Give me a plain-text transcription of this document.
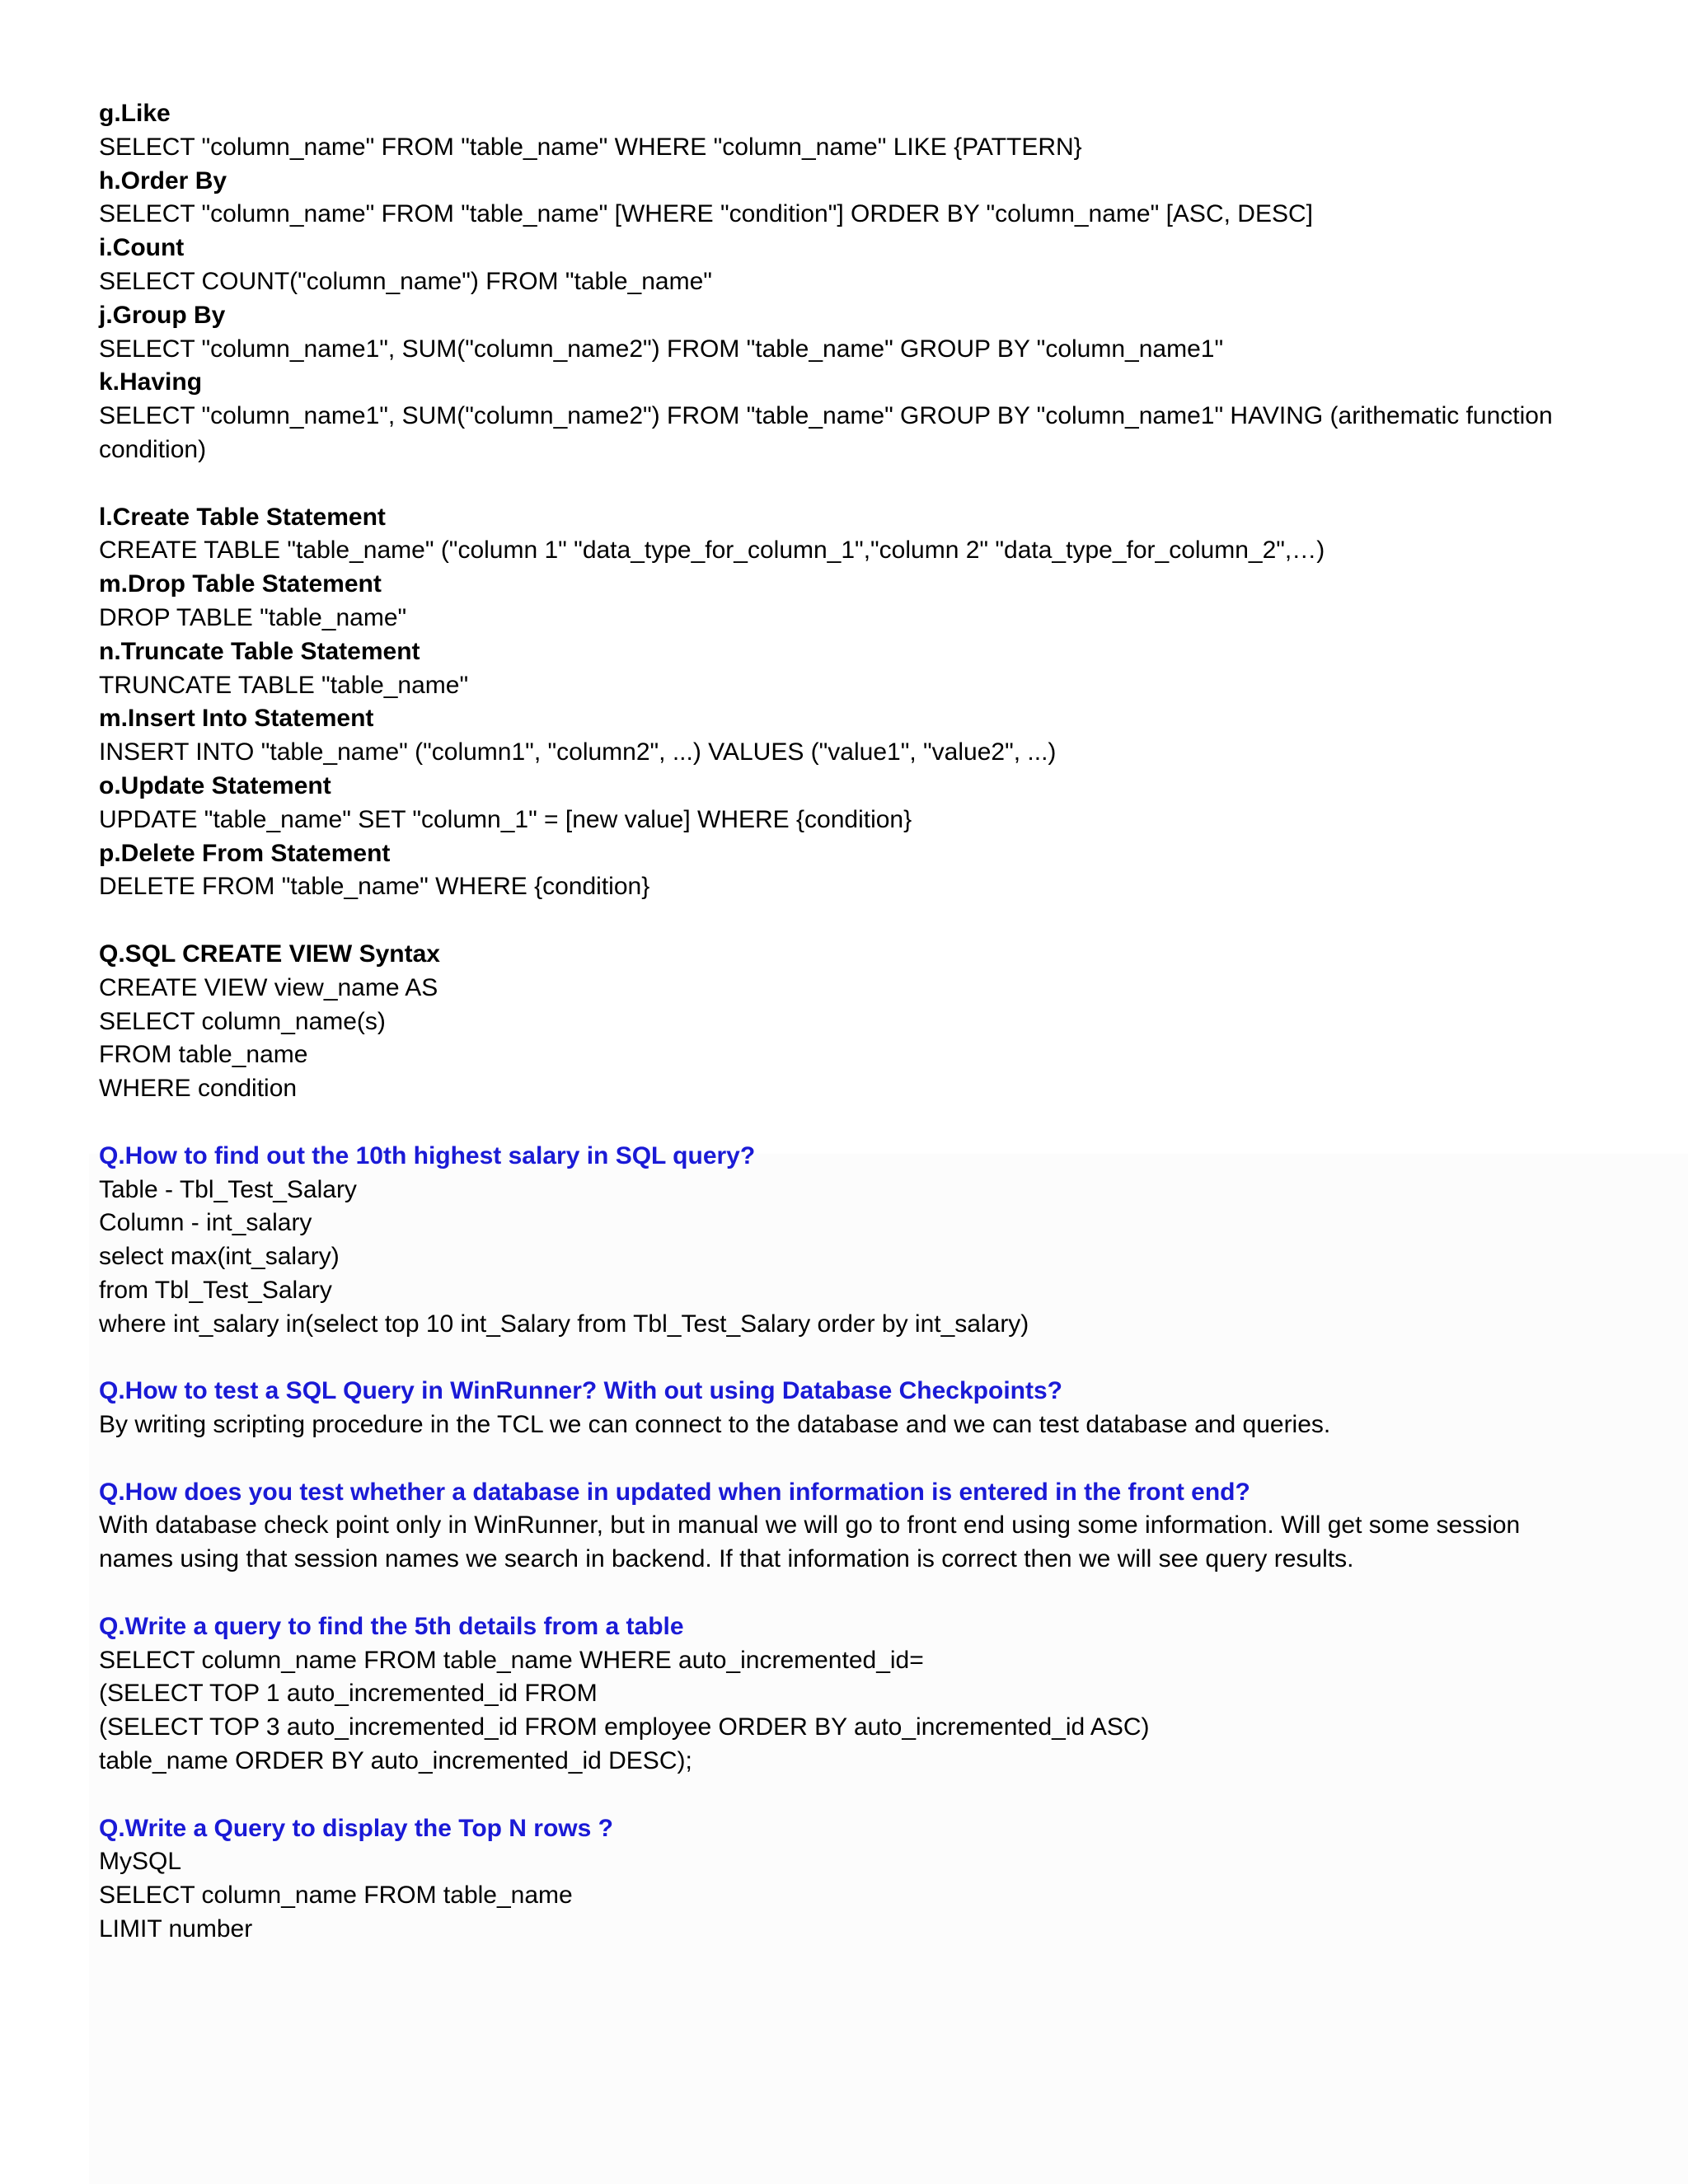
g.Like
SELECT "column_name" FROM "table_name" WHERE "column_name" LIKE {PATTERN}
h.Order By
SELECT "column_name" FROM "table_name" [WHERE "condition"] ORDER BY "column_name" [ASC, DESC]
i.Count
SELECT COUNT("column_name") FROM "table_name"
j.Group By
SELECT "column_name1", SUM("column_name2") FROM "table_name" GROUP BY "column_name1"
k.Having
SELECT "column_name1", SUM("column_name2") FROM "table_name" GROUP BY "column_name1" HAVING (arithematic function
condition)
l.Create Table Statement
CREATE TABLE "table_name" ("column 1" "data_type_for_column_1","column 2" "data_type_for_column_2",…)
m.Drop Table Statement
DROP TABLE "table_name"
n.Truncate Table Statement
TRUNCATE TABLE "table_name"
m.Insert Into Statement
INSERT INTO "table_name" ("column1", "column2", ...) VALUES ("value1", "value2", ...)
o.Update Statement
UPDATE "table_name" SET "column_1" = [new value] WHERE {condition}
p.Delete From Statement
DELETE FROM "table_name" WHERE {condition}
Q.SQL CREATE VIEW Syntax
CREATE VIEW view_name AS
SELECT column_name(s)
FROM table_name
WHERE condition
Q.How to find out the 10th highest salary in SQL query?
Table - Tbl_Test_Salary
Column - int_salary
select max(int_salary)
from Tbl_Test_Salary
where int_salary in(select top 10 int_Salary from Tbl_Test_Salary order by int_salary)
Q.How to test a SQL Query in WinRunner? With out using Database Checkpoints?
By writing scripting procedure in the TCL we can connect to the database and we can test database and queries.
Q.How does you test whether a database in updated when information is entered in the front end?
With database check point only in WinRunner, but in manual we will go to front end using some information. Will get some session
names using that session names we search in backend. If that information is correct then we will see query results.
Q.Write a query to find the 5th details from a table
SELECT column_name FROM table_name WHERE auto_incremented_id=
(SELECT TOP 1 auto_incremented_id FROM
(SELECT TOP 3 auto_incremented_id FROM employee ORDER BY auto_incremented_id ASC)
table_name ORDER BY auto_incremented_id DESC);
Q.Write a Query to display the Top N rows ?
MySQL
SELECT column_name FROM table_name
LIMIT number
